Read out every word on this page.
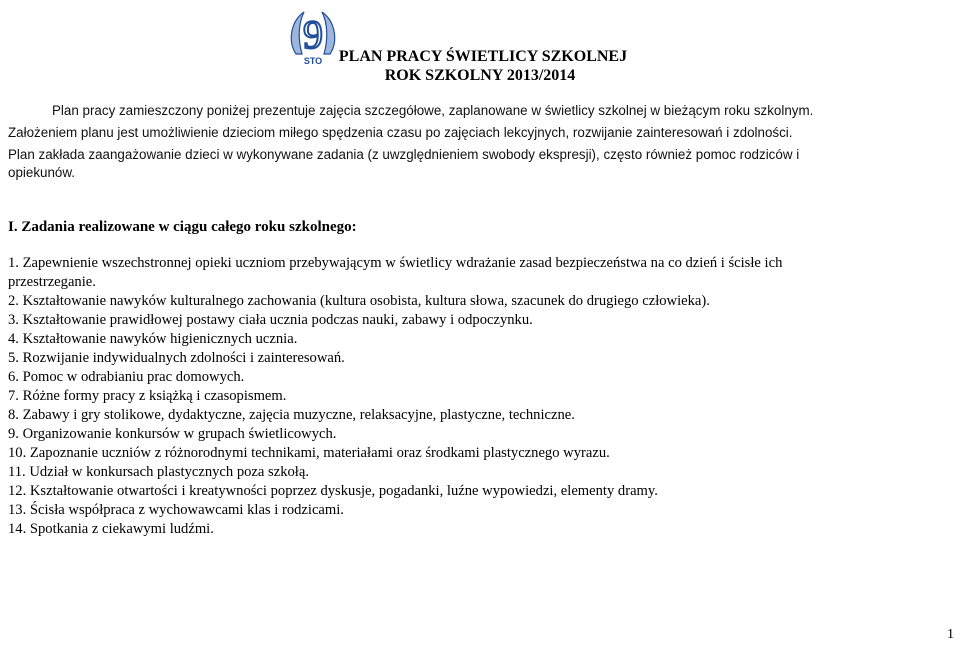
9
STO	PLAN PRACY ŚWIETLICY SZKOLNEJ
ROK SZKOLNY 2013/2014
Plan pracy zamieszczony poniżej prezentuje zajęcia szczegółowe, zaplanowane w świetlicy szkolnej w bieżącym roku szkolnym.
Założeniem planu jest umożliwienie dzieciom miłego spędzenia czasu po zajęciach lekcyjnych, rozwijanie zainteresowań i zdolności.
Plan zakłada zaangażowanie dzieci w wykonywane zadania (z uwzględnieniem swobody ekspresji), często również pomoc rodziców i
opiekunów.
I. Zadania realizowane w ciągu całego roku szkolnego:
1. Zapewnienie wszechstronnej opieki uczniom przebywającym w świetlicy wdrażanie zasad bezpieczeństwa na co dzień i ścisłe ich
przestrzeganie.
2. Kształtowanie nawyków kulturalnego zachowania (kultura osobista, kultura słowa, szacunek do drugiego człowieka).
3. Kształtowanie prawidłowej postawy ciała ucznia podczas nauki, zabawy i odpoczynku.
4. Kształtowanie nawyków higienicznych ucznia.
5. Rozwijanie indywidualnych zdolności i zainteresowań.
6. Pomoc w odrabianiu prac domowych.
7. Różne formy pracy z książką i czasopismem.
8. Zabawy i gry stolikowe, dydaktyczne, zajęcia muzyczne, relaksacyjne, plastyczne, techniczne.
9. Organizowanie konkursów w grupach świetlicowych.
10. Zapoznanie uczniów z różnorodnymi technikami, materiałami oraz środkami plastycznego wyrazu.
11. Udział w konkursach plastycznych poza szkołą.
12. Kształtowanie otwartości i kreatywności poprzez dyskusje, pogadanki, luźne wypowiedzi, elementy dramy.
13. Ścisła współpraca z wychowawcami klas i rodzicami.
14. Spotkania z ciekawymi ludźmi.
1
